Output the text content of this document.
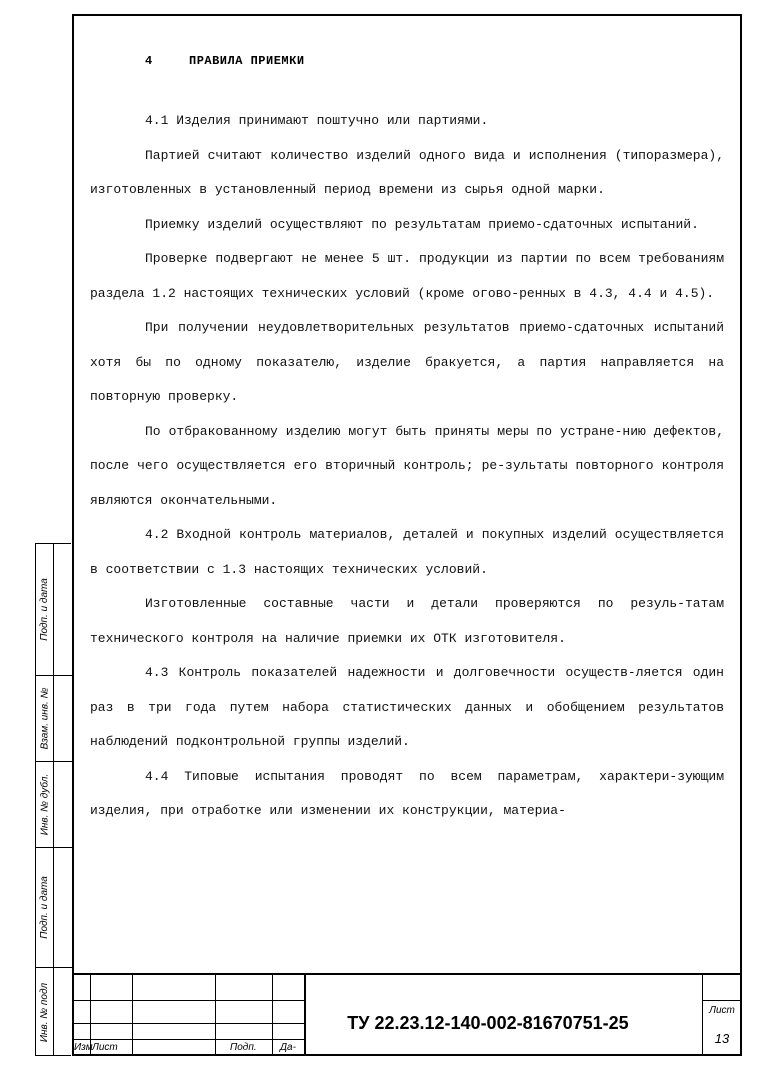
4	ПРАВИЛА ПРИЕМКИ

4.1 Изделия принимают поштучно или партиями.

Партией считают количество изделий одного вида и исполнения (типоразмера), изготовленных в установленный период времени из сырья одной марки.

Приемку изделий осуществляют по результатам приемо-сдаточных испытаний.

Проверке подвергают не менее 5 шт. продукции из партии по всем требованиям раздела 1.2 настоящих технических условий (кроме огово-ренных в 4.3, 4.4 и 4.5).

При получении неудовлетворительных результатов приемо-сдаточных испытаний хотя бы по одному показателю, изделие бракуется, а партия направляется на повторную проверку.

По отбракованному изделию могут быть приняты меры по устране-нию дефектов, после чего осуществляется его вторичный контроль; ре-зультаты повторного контроля являются окончательными.

4.2 Входной контроль материалов, деталей и покупных изделий осуществляется в соответствии с 1.3 настоящих технических условий.

Изготовленные составные части и детали проверяются по резуль-татам технического контроля на наличие приемки их ОТК изготовителя.

4.3 Контроль показателей надежности и долговечности осуществ-ляется один раз в три года путем набора статистических данных и обобщением результатов наблюдений подконтрольной группы изделий.

4.4 Типовые испытания проводят по всем параметрам, характери-зующим изделия, при отработке или изменении их конструкции, материа-

Подп. и дата
Взам. инв. №
Инв. № дубл.
Подп. и дата
Инв. № подл
Изм Лист	Подп. Да-
ТУ 22.23.12-140-002-81670751-25
Лист
13
